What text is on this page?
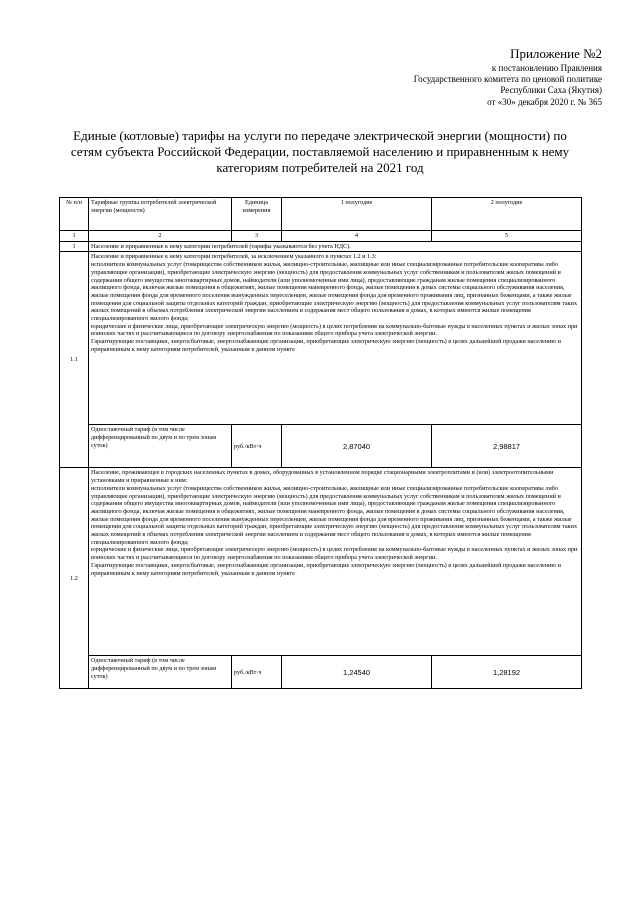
Приложение №2
к постановлению Правления
Государственного комитета по ценовой политике
Республики Саха (Якутия)
от «30» декабря 2020 г. № 365
Единые (котловые) тарифы на услуги по передаче электрической энергии (мощности) по сетям субъекта Российской Федерации, поставляемой населению и приравненным к нему категориям потребителей на 2021 год
№ п/п	Тарифные группы потребителей электрической энергии (мощности)	Единица измерения	1 полугодие	2 полугодие
1	2	3	4	5
1	Население и приравненные к нему категории потребителей (тарифы указываются без учета НДС).			
1.1	Население и приравненные к нему категории потребителей, за исключением указанного в пунктах 1.2 и 1.3:
исполнители коммунальных услуг (товарищества собственников жилья, жилищно-строительные, жилищные или иные специализированные потребительские кооперативы либо управляющие организации), приобретающие электрическую энергию (мощность) для предоставления коммунальных услуг собственникам и пользователям жилых помещений и содержания общего имущества многоквартирных домов, наймодатели (или уполномоченные ими лица), предоставляющие гражданам жилые помещения специализированного жилищного фонда, включая жилые помещения в общежитиях, жилые помещения маневренного фонда, жилые помещения в домах системы социального обслуживания населения, жилые помещения фонда для временного поселения вынужденных переселенцев, жилые помещения фонда для временного проживания лиц, признанных беженцами, а также жилые помещения для социальной защиты отдельных категорий граждан, приобретающие электрическую энергию (мощность) для предоставления коммунальных услуг пользователям таких жилых помещений в объемах потребления электрической энергии населением и содержания мест общего пользования в домах, в которых имеются жилые помещения специализированного жилого фонда;
юридические и физические лица, приобретающие электрическую энергию (мощность) в целях потребления на коммунально-бытовые нужды в населенных пунктах и жилых зонах при воинских частях и рассчитывающиеся по договору энергоснабжения по показаниям общего прибора учета электрической энергии.
Гарантирующие поставщики, энергосбытовые, энергоснабжающие организации, приобретающие электрическую энергию (мощность) в целях дальнейшей продажи населению и приравненным к нему категориям потребителей, указанным в данном пункте			

	Одноставочный тариф (в том числе дифференцированный по двум и по трем зонам суток)	руб./кВт·ч	2,87040	2,98817
1.2	Население, проживающее в городских населенных пунктах в домах, оборудованных в установленном порядке стационарными электроплитами и (или) электроотопительными установками и приравненные к ним:
исполнители коммунальных услуг (товарищества собственников жилья, жилищно-строительные, жилищные или иные специализированные потребительские кооперативы либо управляющие организации), приобретающие электрическую энергию (мощность) для предоставления коммунальных услуг собственникам и пользователям жилых помещений и содержания общего имущества многоквартирных домов, наймодатели (или уполномоченные ими лица), предоставляющие гражданам жилые помещения специализированного жилищного фонда, включая жилые помещения в общежитиях, жилые помещения маневренного фонда, жилые помещения в домах системы социального обслуживания населения, жилые помещения фонда для временного поселения вынужденных переселенцев, жилые помещения фонда для временного проживания лиц, признанных беженцами, а также жилые помещения для социальной защиты отдельных категорий граждан, приобретающие электрическую энергию (мощность) для предоставления коммунальных услуг пользователям таких жилых помещений в объемах потребления электрической энергии населением и содержания мест общего пользования в домах, в которых имеются жилые помещения специализированного жилого фонда;
юридические и физические лица, приобретающие электрическую энергию (мощность) в целях потребления на коммунально-бытовые нужды в населенных пунктах и жилых зонах при воинских частях и рассчитывающиеся по договору энергоснабжения по показаниям общего прибора учета электрической энергии.
Гарантирующие поставщики, энергосбытовые, энергоснабжающие организации, приобретающие электрическую энергию (мощность) в целях дальнейшей продажи населению и приравненным к нему категориям потребителей, указанным в данном пункте			

	Одноставочный тариф (в том числе дифференцированный по двум и по трем зонам суток)	руб./кВт·ч	1,24540	1,28192
